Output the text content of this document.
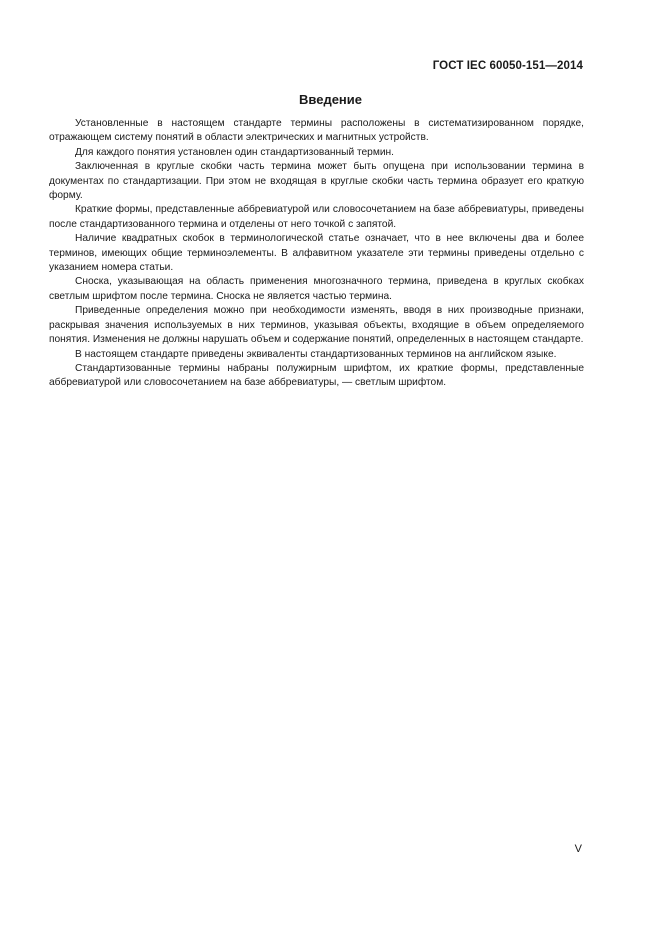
ГОСТ IEC 60050-151—2014
Введение

Установленные в настоящем стандарте термины расположены в систематизированном порядке, отражающем систему понятий в области электрических и магнитных устройств.

Для каждого понятия установлен один стандартизованный термин.

Заключенная в круглые скобки часть термина может быть опущена при использовании термина в документах по стандартизации. При этом не входящая в круглые скобки часть термина образует его краткую форму.

Краткие формы, представленные аббревиатурой или словосочетанием на базе аббревиатуры, приведены после стандартизованного термина и отделены от него точкой с запятой.

Наличие квадратных скобок в терминологической статье означает, что в нее включены два и более терминов, имеющих общие терминоэлементы. В алфавитном указателе эти термины приведены отдельно с указанием номера статьи.

Сноска, указывающая на область применения многозначного термина, приведена в круглых скобках светлым шрифтом после термина. Сноска не является частью термина.

Приведенные определения можно при необходимости изменять, вводя в них производные признаки, раскрывая значения используемых в них терминов, указывая объекты, входящие в объем определяемого понятия. Изменения не должны нарушать объем и содержание понятий, определенных в настоящем стандарте.

В настоящем стандарте приведены эквиваленты стандартизованных терминов на английском языке.

Стандартизованные термины набраны полужирным шрифтом, их краткие формы, представленные аббревиатурой или словосочетанием на базе аббревиатуры, — светлым шрифтом.

V
